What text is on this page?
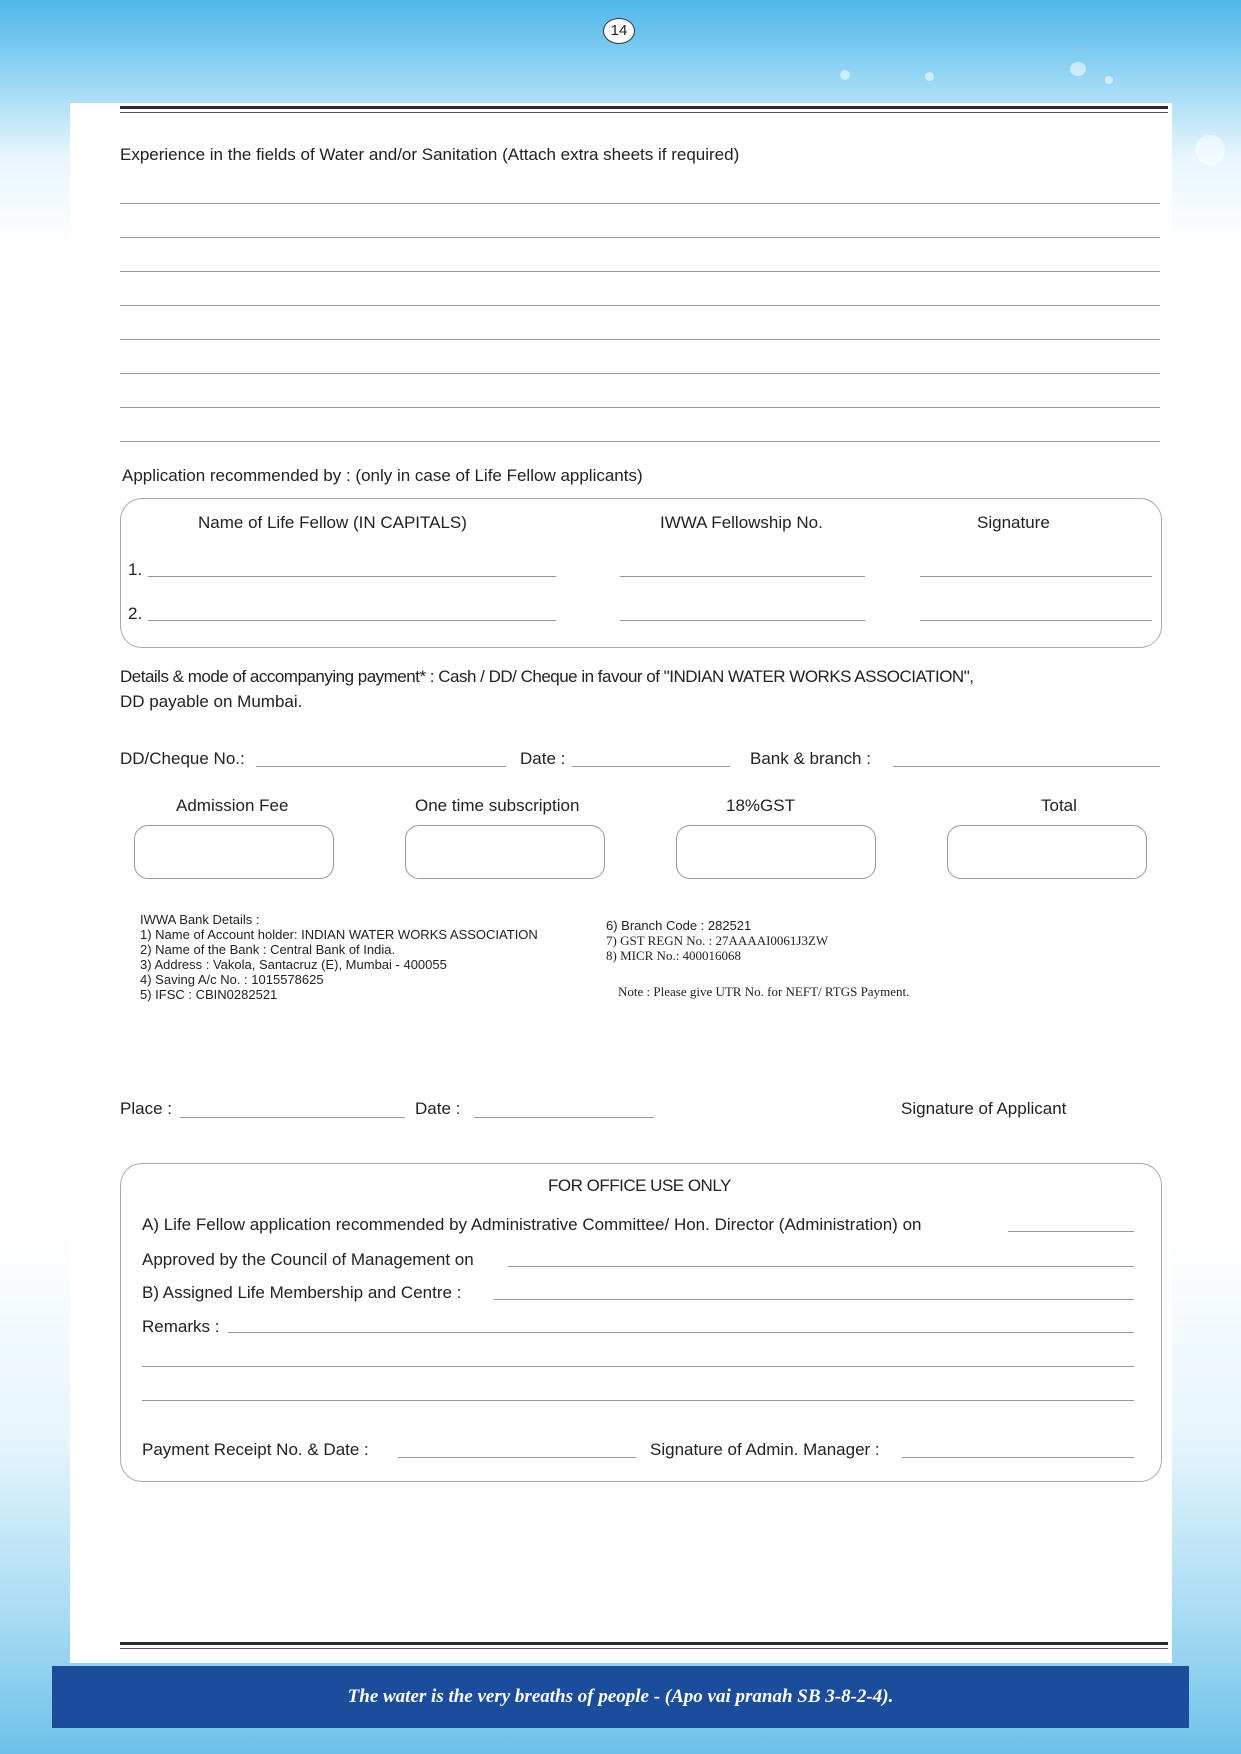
14
Experience in the fields of Water and/or Sanitation (Attach extra sheets if required)
Application recommended by : (only in case of Life Fellow applicants)
Name of Life Fellow (IN CAPITALS)	IWWA Fellowship No.	Signature
1.
2.
Details & mode of accompanying payment* : Cash / DD/ Cheque in favour of "INDIAN WATER WORKS ASSOCIATION",
DD payable on Mumbai.
DD/Cheque No.:	Date :	Bank & branch :
Admission Fee	One time subscription	18%GST	Total
IWWA Bank Details :
1) Name of Account holder: INDIAN WATER WORKS ASSOCIATION
2) Name of the Bank : Central Bank of India.
3) Address : Vakola, Santacruz (E), Mumbai - 400055
4) Saving A/c No. : 1015578625
5) IFSC : CBIN0282521
6) Branch Code : 282521
7) GST REGN No. : 27AAAAI0061J3ZW
8) MICR No.: 400016068
Note : Please give UTR No. for NEFT/ RTGS Payment.
Place :	Date :	Signature of Applicant
FOR OFFICE USE ONLY
A) Life Fellow application recommended by Administrative Committee/ Hon. Director (Administration) on
Approved by the Council of Management on
B) Assigned Life Membership and Centre :
Remarks :
Payment Receipt No. & Date :	Signature of Admin. Manager :
The water is the very breaths of people - (Apo vai pranah SB 3-8-2-4).
